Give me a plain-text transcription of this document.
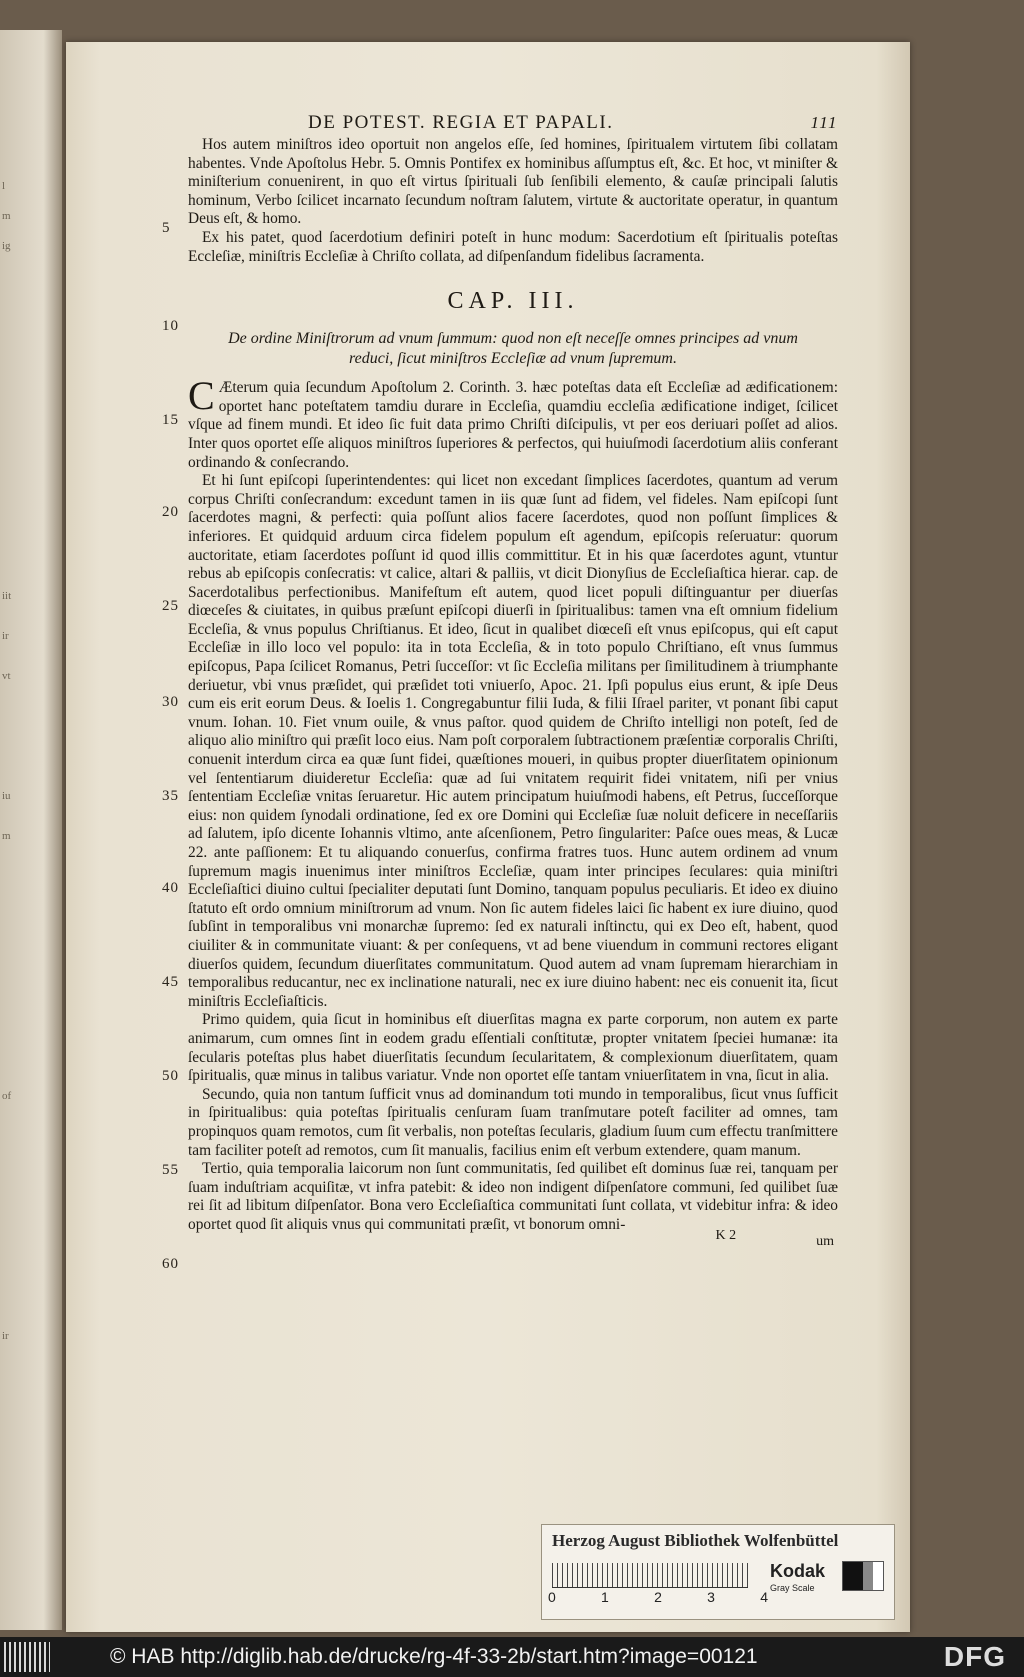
l
m
ig
iit
ir
vt
iu
m
of
ir
5
10
15
20
25
30
35
40
45
50
55
60
DE POTEST. REGIA ET PAPALI.	111

Hos autem miniſtros ideo oportuit non angelos eſſe, ſed homines, ſpiritualem virtutem ſibi collatam habentes. Vnde Apoſtolus Hebr. 5. Omnis Pontifex ex hominibus aſſumptus eſt, &c. Et hoc, vt miniſter & miniſterium conuenirent, in quo eſt virtus ſpirituali ſub ſenſibili elemento, & cauſæ principali ſalutis hominum, Verbo ſcilicet incarnato ſecundum noſtram ſalutem, virtute & auctoritate operatur, in quantum Deus eſt, & homo.

Ex his patet, quod ſacerdotium definiri poteſt in hunc modum: Sacerdotium eſt ſpiritualis poteſtas Eccleſiæ, miniſtris Eccleſiæ à Chriſto collata, ad diſpenſandum fidelibus ſacramenta.

CAP. III.
De ordine Miniſtrorum ad vnum ſummum: quod non eſt neceſſe omnes principes ad vnum reduci, ſicut miniſtros Eccleſiæ ad vnum ſupremum.

C Æterum quia ſecundum Apoſtolum 2. Corinth. 3. hæc poteſtas data eſt Eccleſiæ ad ædificationem: oportet hanc poteſtatem tamdiu durare in Eccleſia, quamdiu eccleſia ædificatione indiget, ſcilicet vſque ad finem mundi. Et ideo ſic fuit data primo Chriſti diſcipulis, vt per eos deriuari poſſet ad alios. Inter quos oportet eſſe aliquos miniſtros ſuperiores & perfectos, qui huiuſmodi ſacerdotium aliis conferant ordinando & conſecrando.

Et hi ſunt epiſcopi ſuperintendentes: qui licet non excedant ſimplices ſacerdotes, quantum ad verum corpus Chriſti conſecrandum: excedunt tamen in iis quæ ſunt ad fidem, vel fideles. Nam epiſcopi ſunt ſacerdotes magni, & perfecti: quia poſſunt alios facere ſacerdotes, quod non poſſunt ſimplices & inferiores. Et quidquid arduum circa fidelem populum eſt agendum, epiſcopis reſeruatur: quorum auctoritate, etiam ſacerdotes poſſunt id quod illis committitur. Et in his quæ ſacerdotes agunt, vtuntur rebus ab epiſcopis conſecratis: vt calice, altari & palliis, vt dicit Dionyſius de Eccleſiaſtica hierar. cap. de Sacerdotalibus perfectionibus. Manifeſtum eſt autem, quod licet populi diſtinguantur per diuerſas diœceſes & ciuitates, in quibus præſunt epiſcopi diuerſi in ſpiritualibus: tamen vna eſt omnium fidelium Eccleſia, & vnus populus Chriſtianus. Et ideo, ſicut in qualibet diœceſi eſt vnus epiſcopus, qui eſt caput Eccleſiæ in illo loco vel populo: ita in tota Eccleſia, & in toto populo Chriſtiano, eſt vnus ſummus epiſcopus, Papa ſcilicet Romanus, Petri ſucceſſor: vt ſic Eccleſia militans per ſimilitudinem à triumphante deriuetur, vbi vnus præſidet, qui præſidet toti vniuerſo, Apoc. 21. Ipſi populus eius erunt, & ipſe Deus cum eis erit eorum Deus. & Ioelis 1. Congregabuntur filii Iuda, & filii Iſrael pariter, vt ponant ſibi caput vnum. Iohan. 10. Fiet vnum ouile, & vnus paſtor. quod quidem de Chriſto intelligi non poteſt, ſed de aliquo alio miniſtro qui præſit loco eius. Nam poſt corporalem ſubtractionem præſentiæ corporalis Chriſti, conuenit interdum circa ea quæ ſunt fidei, quæſtiones moueri, in quibus propter diuerſitatem opinionum vel ſententiarum diuideretur Eccleſia: quæ ad ſui vnitatem requirit fidei vnitatem, niſi per vnius ſententiam Eccleſiæ vnitas ſeruaretur. Hic autem principatum huiuſmodi habens, eſt Petrus, ſucceſſorque eius: non quidem ſynodali ordinatione, ſed ex ore Domini qui Eccleſiæ ſuæ noluit deficere in neceſſariis ad ſalutem, ipſo dicente Iohannis vltimo, ante aſcenſionem, Petro ſingulariter: Paſce oues meas, & Lucæ 22. ante paſſionem: Et tu aliquando conuerſus, confirma fratres tuos. Hunc autem ordinem ad vnum ſupremum magis inuenimus inter miniſtros Eccleſiæ, quam inter principes ſeculares: quia miniſtri Eccleſiaſtici diuino cultui ſpecialiter deputati ſunt Domino, tanquam populus peculiaris. Et ideo ex diuino ſtatuto eſt ordo omnium miniſtrorum ad vnum. Non ſic autem fideles laici ſic habent ex iure diuino, quod ſubſint in temporalibus vni monarchæ ſupremo: ſed ex naturali inſtinctu, qui ex Deo eſt, habent, quod ciuiliter & in communitate viuant: & per conſequens, vt ad bene viuendum in communi rectores eligant diuerſos quidem, ſecundum diuerſitates communitatum. Quod autem ad vnam ſupremam hierarchiam in temporalibus reducantur, nec ex inclinatione naturali, nec ex iure diuino habent: nec eis conuenit ita, ſicut miniſtris Eccleſiaſticis.

Primo quidem, quia ſicut in hominibus eſt diuerſitas magna ex parte corporum, non autem ex parte animarum, cum omnes ſint in eodem gradu eſſentiali conſtitutæ, propter vnitatem ſpeciei humanæ: ita ſecularis poteſtas plus habet diuerſitatis ſecundum ſecularitatem, & complexionum diuerſitatem, quam ſpiritualis, quæ minus in talibus variatur. Vnde non oportet eſſe tantam vniuerſitatem in vna, ſicut in alia.

Secundo, quia non tantum ſufficit vnus ad dominandum toti mundo in temporalibus, ſicut vnus ſufficit in ſpiritualibus: quia poteſtas ſpiritualis cenſuram ſuam tranſmutare poteſt faciliter ad omnes, tam propinquos quam remotos, cum ſit verbalis, non poteſtas ſecularis, gladium ſuum cum effectu tranſmittere tam faciliter poteſt ad remotos, cum ſit manualis, facilius enim eſt verbum extendere, quam manum.

Tertio, quia temporalia laicorum non ſunt communitatis, ſed quilibet eſt dominus ſuæ rei, tanquam per ſuam induſtriam acquiſitæ, vt infra patebit: & ideo non indigent diſpenſatore communi, ſed quilibet ſuæ rei ſit ad libitum diſpenſator. Bona vero Eccleſiaſtica communitati ſunt collata, vt videbitur infra: & ideo oportet quod ſit aliquis vnus qui communitati præſit, vt bonorum omni-

K 2	um
Herzog August Bibliothek Wolfenbüttel
0	1	2	3	4
Kodak
Gray Scale
© HAB http://diglib.hab.de/drucke/rg-4f-33-2b/start.htm?image=00121	DFG
